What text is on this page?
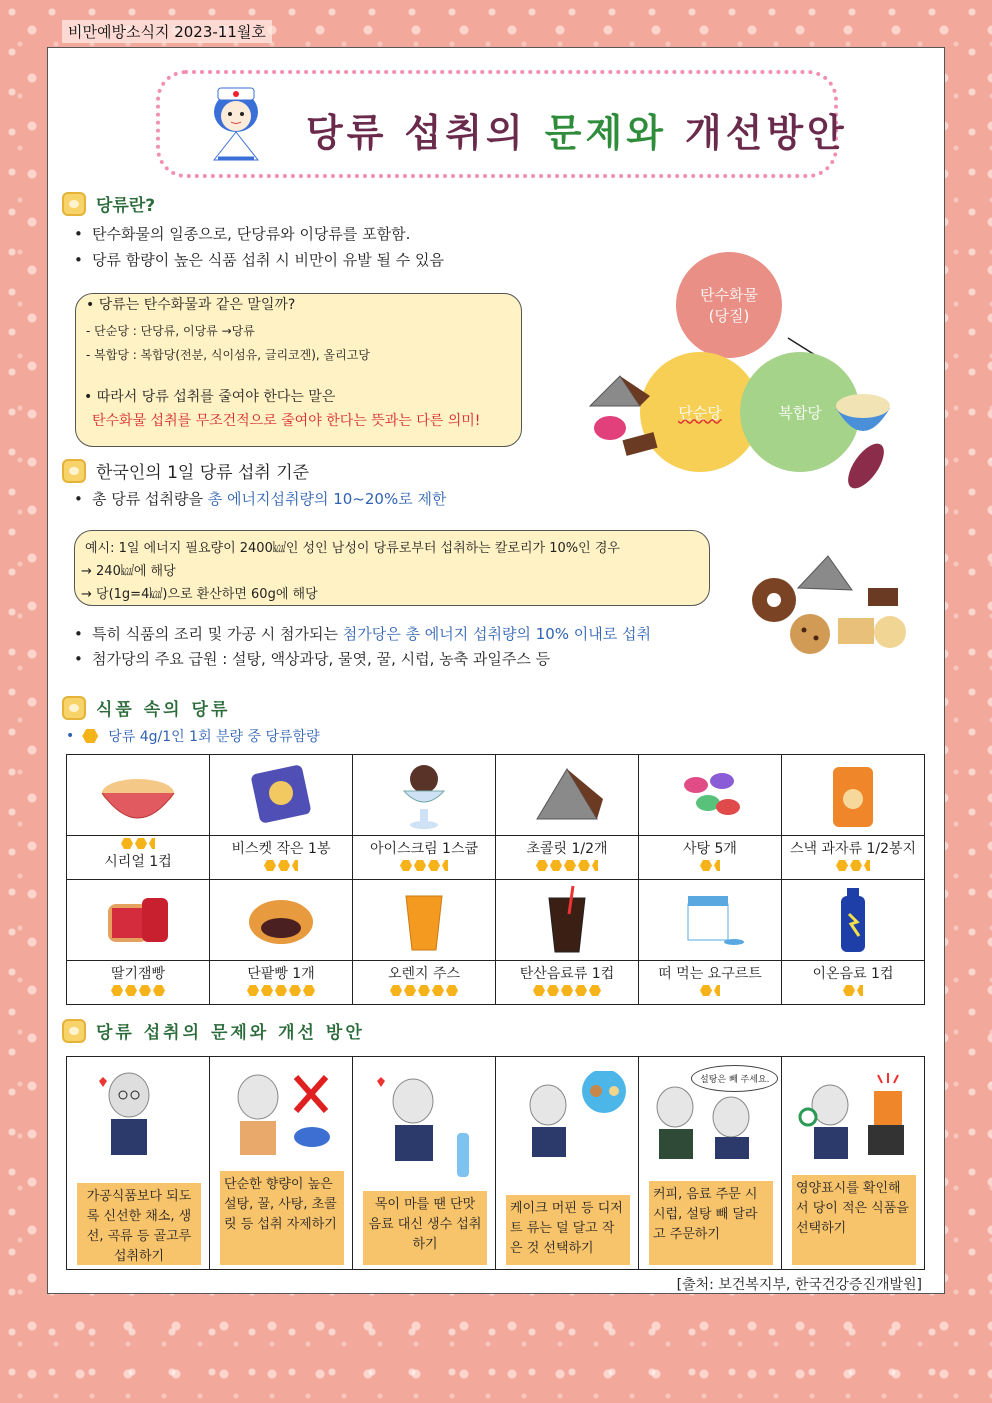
비만예방소식지 2023-11월호
당류 섭취의 문제와 개선방안
당류란?
• 탄수화물의 일종으로, 단당류와 이당류를 포함함.
• 당류 함량이 높은 식품 섭취 시 비만이 유발 될 수 있음

• 당류는 탄수화물과 같은 말일까?

- 단순당 : 단당류, 이당류 →당류

- 복합당 : 복합당(전분, 식이섬유, 글리코겐), 올리고당

• 따라서 당류 섭취를 줄여야 한다는 말은

탄수화물 섭취를 무조건적으로 줄여야 한다는 뜻과는 다른 의미!

탄수화물
(당질)
단순당	복합당
한국인의 1일 당류 섭취 기준
• 총 당류 섭취량을 총 에너지섭취량의 10~20%로 제한

예시: 1일 에너지 필요량이 2400㎉인 성인 남성이 당류로부터 섭취하는 칼로리가 10%인 경우

→ 240㎉에 해당

→ 당(1g=4㎉)으로 환산하면 60g에 해당

• 특히 식품의 조리 및 가공 시 첨가되는 첨가당은 총 에너지 섭취량의 10% 이내로 섭취
• 첨가당의 주요 급원 : 설탕, 액상과당, 물엿, 꿀, 시럽, 농축 과일주스 등
식품 속의 당류
• 당류 4g/1인 1회 분량 중 당류함량

시리얼 1컵	비스켓 작은 1봉	아이스크림 1스쿱	초콜릿 1/2개	사탕 5개	스낵 과자류 1/2봉지

딸기잼빵	단팥빵 1개	오렌지 주스	탄산음료류 1컵	떠 먹는 요구르트	이온음료 1컵
당류 섭취의 문제와 개선 방안
가공식품보다 되도록 신선한 채소, 생선, 곡류 등 골고루 섭취하기

단순한 향량이 높은 설탕, 꿀, 사탕, 초콜릿 등 섭취 자제하기

목이 마를 땐 단맛 음료 대신 생수 섭취하기

케이크 머핀 등 디저트 류는 덜 달고 작은 것 선택하기

설탕은 빼 주세요.
커피, 음료 주문 시 시럽, 설탕 빼 달라고 주문하기

영양표시를 확인해서 당이 적은 식품을 선택하기
[출처: 보건복지부, 한국건강증진개발원]
